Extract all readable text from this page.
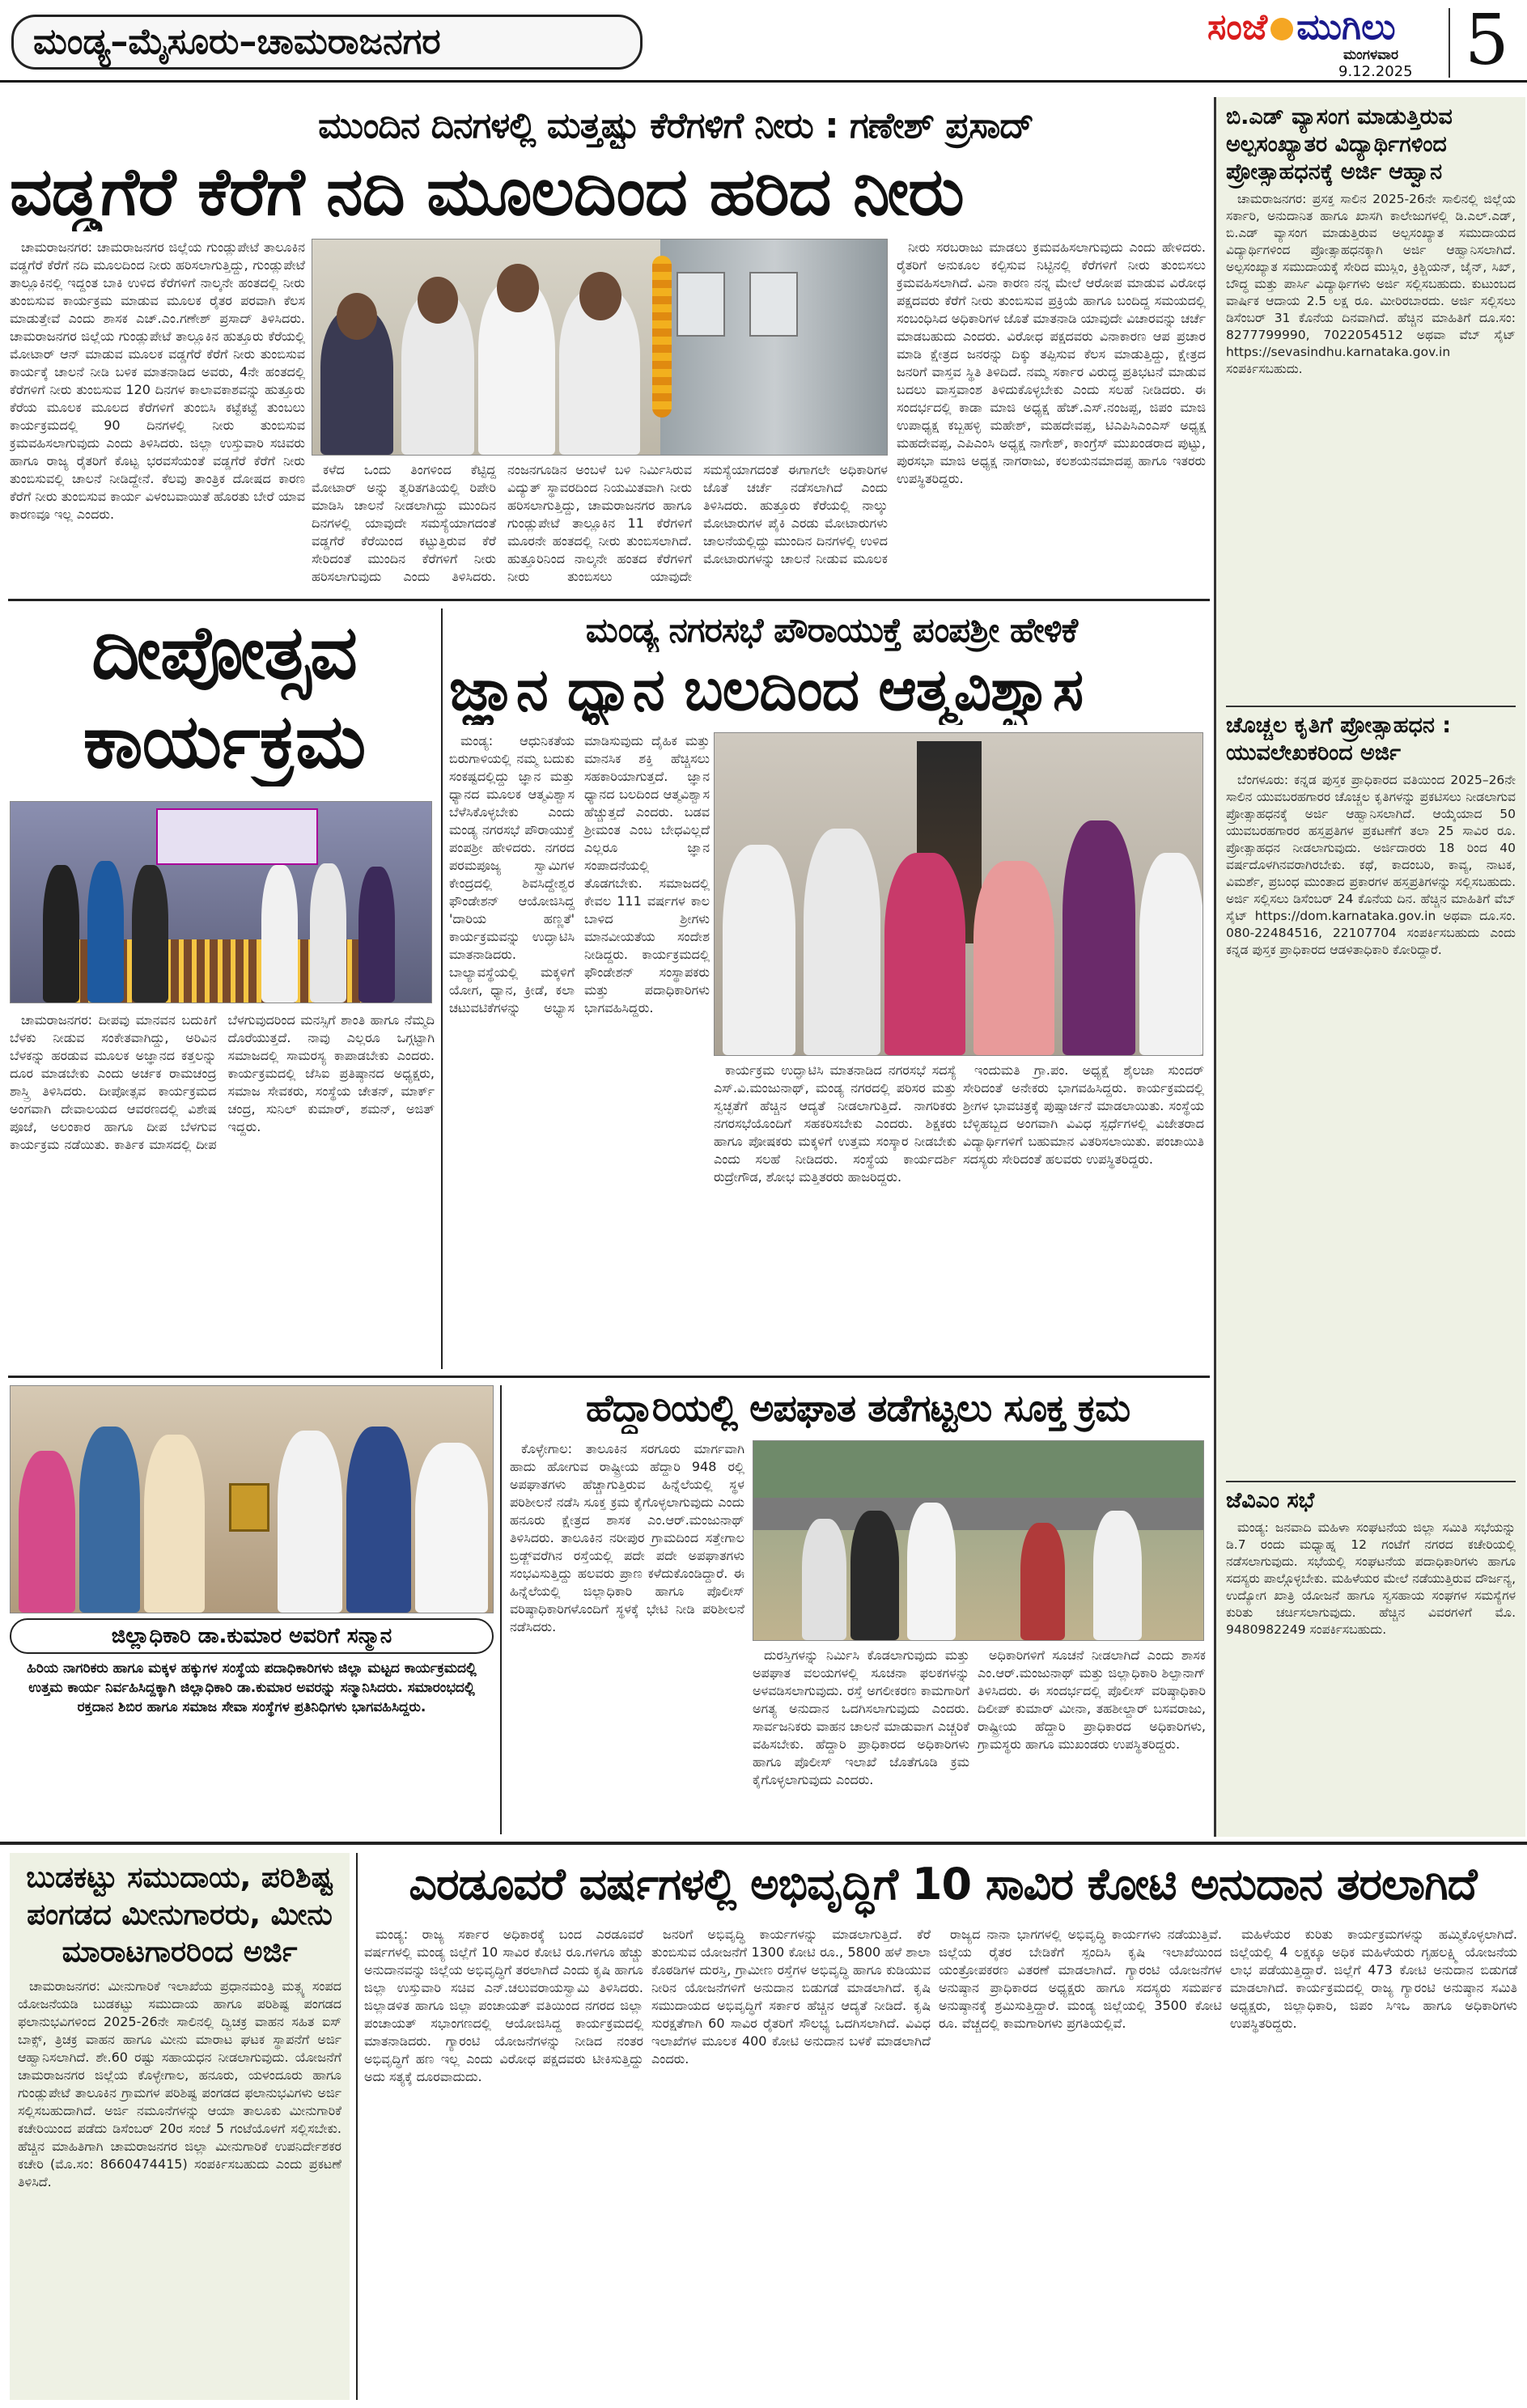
ಮಂಡ್ಯ–ಮೈಸೂರು–ಚಾಮರಾಜನಗರ	ಸಂಜೆ ಮುಗಿಲು
ಮಂಗಳವಾರ
9.12.2025 5
ಮುಂದಿನ ದಿನಗಳಲ್ಲಿ ಮತ್ತಷ್ಟು ಕೆರೆಗಳಿಗೆ ನೀರು : ಗಣೇಶ್ ಪ್ರಸಾದ್
ವಡ್ಡಗೆರೆ ಕೆರೆಗೆ ನದಿ ಮೂಲದಿಂದ ಹರಿದ ನೀರು

ಚಾಮರಾಜನಗರ: ಚಾಮರಾಜನಗರ ಜಿಲ್ಲೆಯ ಗುಂಡ್ಲುಪೇಟೆ ತಾಲೂಕಿನ ವಡ್ಡಗೆರೆ ಕೆರೆಗೆ ನದಿ ಮೂಲದಿಂದ ನೀರು ಹರಿಸಲಾಗುತ್ತಿದ್ದು, ಗುಂಡ್ಲುಪೇಟೆ ತಾಲ್ಲೂಕಿನಲ್ಲಿ ಇದ್ದಂತ ಬಾಕಿ ಉಳಿದ ಕೆರೆಗಳಿಗೆ ನಾಲ್ಕನೇ ಹಂತದಲ್ಲಿ ನೀರು ತುಂಬಿಸುವ ಕಾರ್ಯಕ್ರಮ ಮಾಡುವ ಮೂಲಕ ರೈತರ ಪರವಾಗಿ ಕೆಲಸ ಮಾಡುತ್ತೇವೆ ಎಂದು ಶಾಸಕ ಎಚ್.ಎಂ.ಗಣೇಶ್ ಪ್ರಸಾದ್ ತಿಳಿಸಿದರು. ಚಾಮರಾಜನಗರ ಜಿಲ್ಲೆಯ ಗುಂಡ್ಲುಪೇಟೆ ತಾಲ್ಲೂಕಿನ ಹುತ್ತೂರು ಕೆರೆಯಲ್ಲಿ ಮೋಟಾರ್ ಆನ್ ಮಾಡುವ ಮೂಲಕ ವಡ್ಡಗೆರೆ ಕೆರೆಗೆ ನೀರು ತುಂಬಿಸುವ ಕಾರ್ಯಕ್ಕೆ ಚಾಲನೆ ನೀಡಿ ಬಳಿಕ ಮಾತನಾಡಿದ ಅವರು, 4ನೇ ಹಂತದಲ್ಲಿ ಕೆರೆಗಳಿಗೆ ನೀರು ತುಂಬಿಸುವ 120 ದಿನಗಳ ಕಾಲಾವಕಾಶವನ್ನು ಹುತ್ತೂರು ಕೆರೆಯ ಮೂಲಕ ಮೂಲದ ಕೆರೆಗಳಿಗೆ ತುಂಬಿಸಿ ಕಟ್ಟೆಕಟ್ಟೆ ತುಂಬಲು ಕಾರ್ಯಕ್ರಮದಲ್ಲಿ 90 ದಿನಗಳಲ್ಲಿ ನೀರು ತುಂಬಿಸುವ ಕ್ರಮವಹಿಸಲಾಗುವುದು ಎಂದು ತಿಳಿಸಿದರು. ಜಿಲ್ಲಾ ಉಸ್ತುವಾರಿ ಸಚಿವರು ಹಾಗೂ ರಾಜ್ಯ ರೈತರಿಗೆ ಕೊಟ್ಟ ಭರವಸೆಯಂತೆ ವಡ್ಡಗೆರೆ ಕೆರೆಗೆ ನೀರು ತುಂಬಿಸುವಲ್ಲಿ ಚಾಲನೆ ನೀಡಿದ್ದೇನೆ. ಕೆಲವು ತಾಂತ್ರಿಕ ದೋಷದ ಕಾರಣ ಕೆರೆಗೆ ನೀರು ತುಂಬಿಸುವ ಕಾರ್ಯ ವಿಳಂಬವಾಯಿತೆ ಹೊರತು ಬೇರೆ ಯಾವ ಕಾರಣವೂ ಇಲ್ಲ ಎಂದರು.

ಕಳೆದ ಒಂದು ತಿಂಗಳಿಂದ ಕೆಟ್ಟಿದ್ದ ಮೋಟಾರ್ ಅನ್ನು ತ್ವರಿತಗತಿಯಲ್ಲಿ ರಿಪೇರಿ ಮಾಡಿಸಿ ಚಾಲನೆ ನೀಡಲಾಗಿದ್ದು ಮುಂದಿನ ದಿನಗಳಲ್ಲಿ ಯಾವುದೇ ಸಮಸ್ಯೆಯಾಗದಂತೆ ವಡ್ಡಗೆರೆ ಕೆರೆಯಿಂದ ಕಟ್ಟುತ್ತಿರುವ ಕೆರೆ ಸೇರಿದಂತೆ ಮುಂದಿನ ಕೆರೆಗಳಿಗೆ ನೀರು ಹರಿಸಲಾಗುವುದು ಎಂದು ತಿಳಿಸಿದರು. ನಂಜನಗೂಡಿನ ಅಂಬಳೆ ಬಳಿ ನಿರ್ಮಿಸಿರುವ ವಿದ್ಯುತ್ ಸ್ಥಾವರದಿಂದ ನಿಯಮಿತವಾಗಿ ನೀರು ಹರಿಸಲಾಗುತ್ತಿದ್ದು, ಚಾಮರಾಜನಗರ ಹಾಗೂ ಗುಂಡ್ಲುಪೇಟೆ ತಾಲ್ಲೂಕಿನ 11 ಕೆರೆಗಳಿಗೆ ಮೂರನೇ ಹಂತದಲ್ಲಿ ನೀರು ತುಂಬಿಸಲಾಗಿದೆ. ಹುತ್ತೂರಿನಿಂದ ನಾಲ್ಕನೇ ಹಂತದ ಕೆರೆಗಳಿಗೆ ನೀರು ತುಂಬಿಸಲು ಯಾವುದೇ ಸಮಸ್ಯೆಯಾಗದಂತೆ ಈಗಾಗಲೇ ಅಧಿಕಾರಿಗಳ ಜೊತೆ ಚರ್ಚೆ ನಡೆಸಲಾಗಿದೆ ಎಂದು ತಿಳಿಸಿದರು. ಹುತ್ತೂರು ಕೆರೆಯಲ್ಲಿ ನಾಲ್ಕು ಮೋಟಾರುಗಳ ಪೈಕಿ ಎರಡು ಮೋಟಾರುಗಳು ಚಾಲನೆಯಲ್ಲಿದ್ದು ಮುಂದಿನ ದಿನಗಳಲ್ಲಿ ಉಳಿದ ಮೋಟಾರುಗಳನ್ನು ಚಾಲನೆ ನೀಡುವ ಮೂಲಕ

ನೀರು ಸರಬರಾಜು ಮಾಡಲು ಕ್ರಮವಹಿಸಲಾಗುವುದು ಎಂದು ಹೇಳಿದರು. ರೈತರಿಗೆ ಅನುಕೂಲ ಕಲ್ಪಿಸುವ ನಿಟ್ಟಿನಲ್ಲಿ ಕೆರೆಗಳಿಗೆ ನೀರು ತುಂಬಿಸಲು ಕ್ರಮವಹಿಸಲಾಗಿದೆ. ವಿನಾ ಕಾರಣ ನನ್ನ ಮೇಲೆ ಆರೋಪ ಮಾಡುವ ವಿರೋಧ ಪಕ್ಷದವರು ಕೆರೆಗೆ ನೀರು ತುಂಬಿಸುವ ಪ್ರಕ್ರಿಯೆ ಹಾಗೂ ಬಂದಿದ್ದ ಸಮಯದಲ್ಲಿ ಸಂಬಂಧಿಸಿದ ಅಧಿಕಾರಿಗಳ ಜೊತೆ ಮಾತನಾಡಿ ಯಾವುದೇ ವಿಚಾರವನ್ನು ಚರ್ಚೆ ಮಾಡಬಹುದು ಎಂದರು. ವಿರೋಧ ಪಕ್ಷದವರು ವಿನಾಕಾರಣ ಆಪ ಪ್ರಚಾರ ಮಾಡಿ ಕ್ಷೇತ್ರದ ಜನರನ್ನು ದಿಕ್ಕು ತಪ್ಪಿಸುವ ಕೆಲಸ ಮಾಡುತ್ತಿದ್ದು, ಕ್ಷೇತ್ರದ ಜನರಿಗೆ ವಾಸ್ತವ ಸ್ಥಿತಿ ತಿಳಿದಿದೆ. ನಮ್ಮ ಸರ್ಕಾರ ವಿರುದ್ಧ ಪ್ರತಿಭಟನೆ ಮಾಡುವ ಬದಲು ವಾಸ್ತವಾಂಶ ತಿಳಿದುಕೊಳ್ಳಬೇಕು ಎಂದು ಸಲಹೆ ನೀಡಿದರು. ಈ ಸಂದರ್ಭದಲ್ಲಿ ಕಾಡಾ ಮಾಜಿ ಅಧ್ಯಕ್ಷ ಹೆಚ್.ಎಸ್.ನಂಜಪ್ಪ, ಜಿಪಂ ಮಾಜಿ ಉಪಾಧ್ಯಕ್ಷ ಕಬ್ಬಹಳ್ಳಿ ಮಹೇಶ್, ಮಹದೇವಪ್ಪ, ಟಿಎಪಿಸಿಎಂಎಸ್ ಅಧ್ಯಕ್ಷ ಮಹದೇವಪ್ಪ, ಎಪಿಎಂಸಿ ಅಧ್ಯಕ್ಷ ನಾಗೇಶ್, ಕಾಂಗ್ರೆಸ್ ಮುಖಂಡರಾದ ಪುಟ್ಟು, ಪುರಸಭಾ ಮಾಜಿ ಅಧ್ಯಕ್ಷ ನಾಗರಾಜು, ಕಲಶಯನಮಾದಪ್ಪ ಹಾಗೂ ಇತರರು ಉಪಸ್ಥಿತರಿದ್ದರು.

ದೀಪೋತ್ಸವ ಕಾರ್ಯಕ್ರಮ

ಚಾಮರಾಜನಗರ: ದೀಪವು ಮಾನವನ ಬದುಕಿಗೆ ಬೆಳಕು ನೀಡುವ ಸಂಕೇತವಾಗಿದ್ದು, ಅರಿವಿನ ಬೆಳಕನ್ನು ಹರಡುವ ಮೂಲಕ ಅಜ್ಞಾನದ ಕತ್ತಲನ್ನು ದೂರ ಮಾಡಬೇಕು ಎಂದು ಅರ್ಚಕ ರಾಮಚಂದ್ರ ಶಾಸ್ತ್ರಿ ತಿಳಿಸಿದರು. ದೀಪೋತ್ಸವ ಕಾರ್ಯಕ್ರಮದ ಅಂಗವಾಗಿ ದೇವಾಲಯದ ಆವರಣದಲ್ಲಿ ವಿಶೇಷ ಪೂಜೆ, ಅಲಂಕಾರ ಹಾಗೂ ದೀಪ ಬೆಳಗುವ ಕಾರ್ಯಕ್ರಮ ನಡೆಯಿತು. ಕಾರ್ತಿಕ ಮಾಸದಲ್ಲಿ ದೀಪ ಬೆಳಗುವುದರಿಂದ ಮನಸ್ಸಿಗೆ ಶಾಂತಿ ಹಾಗೂ ನೆಮ್ಮದಿ ದೊರೆಯುತ್ತದೆ. ನಾವು ಎಲ್ಲರೂ ಒಗ್ಗಟ್ಟಾಗಿ ಸಮಾಜದಲ್ಲಿ ಸಾಮರಸ್ಯ ಕಾಪಾಡಬೇಕು ಎಂದರು. ಕಾರ್ಯಕ್ರಮದಲ್ಲಿ ಜೆಸಿಐ ಪ್ರತಿಷ್ಠಾನದ ಅಧ್ಯಕ್ಷರು, ಸಮಾಜ ಸೇವಕರು, ಸಂಸ್ಥೆಯ ಚೇತನ್, ಮಾರ್ಕ್ ಚಂದ್ರ, ಸುನಿಲ್ ಕುಮಾರ್, ಶಮನ್, ಅಜಿತ್ ಇದ್ದರು.

ಮಂಡ್ಯ ನಗರಸಭೆ ಪೌರಾಯುಕ್ತೆ ಪಂಪಶ್ರೀ ಹೇಳಿಕೆ
ಜ್ಞಾನ ಧ್ಯಾನ ಬಲದಿಂದ ಆತ್ಮವಿಶ್ವಾಸ

ಮಂಡ್ಯ: ಆಧುನಿಕತೆಯ ಬಿರುಗಾಳಿಯಲ್ಲಿ ನಮ್ಮ ಬದುಕು ಸಂಕಷ್ಟದಲ್ಲಿದ್ದು ಜ್ಞಾನ ಮತ್ತು ಧ್ಯಾನದ ಮೂಲಕ ಆತ್ಮವಿಶ್ವಾಸ ಬೆಳೆಸಿಕೊಳ್ಳಬೇಕು ಎಂದು ಮಂಡ್ಯ ನಗರಸಭೆ ಪೌರಾಯುಕ್ತೆ ಪಂಪಶ್ರೀ ಹೇಳಿದರು. ನಗರದ ಪರಮಪೂಜ್ಯ ಸ್ವಾಮಿಗಳ ಕೇಂದ್ರದಲ್ಲಿ ಶಿವಸಿದ್ದೇಶ್ವರ ಫೌಂಡೇಶನ್ ಆಯೋಜಿಸಿದ್ದ 'ದಾರಿಯ ಹಣ್ಣತೆ' ಕಾರ್ಯಕ್ರಮವನ್ನು ಉದ್ಘಾಟಿಸಿ ಮಾತನಾಡಿದರು. ಬಾಲ್ಯಾವಸ್ಥೆಯಲ್ಲಿ ಮಕ್ಕಳಿಗೆ ಯೋಗ, ಧ್ಯಾನ, ಕ್ರೀಡೆ, ಕಲಾ ಚಟುವಟಿಕೆಗಳನ್ನು ಅಭ್ಯಾಸ ಮಾಡಿಸುವುದು ದೈಹಿಕ ಮತ್ತು ಮಾನಸಿಕ ಶಕ್ತಿ ಹೆಚ್ಚಿಸಲು ಸಹಕಾರಿಯಾಗುತ್ತದೆ. ಜ್ಞಾನ ಧ್ಯಾನದ ಬಲದಿಂದ ಆತ್ಮವಿಶ್ವಾಸ ಹೆಚ್ಚುತ್ತದೆ ಎಂದರು. ಬಡವ ಶ್ರೀಮಂತ ಎಂಬ ಬೇಧವಿಲ್ಲದೆ ಎಲ್ಲರೂ ಜ್ಞಾನ ಸಂಪಾದನೆಯಲ್ಲಿ ತೊಡಗಬೇಕು. ಸಮಾಜದಲ್ಲಿ ಕೇವಲ 111 ವರ್ಷಗಳ ಕಾಲ ಬಾಳಿದ ಶ್ರೀಗಳು ಮಾನವೀಯತೆಯ ಸಂದೇಶ ನೀಡಿದ್ದರು. ಕಾರ್ಯಕ್ರಮದಲ್ಲಿ ಫೌಂಡೇಶನ್ ಸಂಸ್ಥಾಪಕರು ಮತ್ತು ಪದಾಧಿಕಾರಿಗಳು ಭಾಗವಹಿಸಿದ್ದರು.

ಕಾರ್ಯಕ್ರಮ ಉದ್ಘಾಟಿಸಿ ಮಾತನಾಡಿದ ನಗರಸಭೆ ಸದಸ್ಯೆ ಎಸ್.ವಿ.ಮಂಜುನಾಥ್, ಮಂಡ್ಯ ನಗರದಲ್ಲಿ ಪರಿಸರ ಮತ್ತು ಸ್ವಚ್ಛತೆಗೆ ಹೆಚ್ಚಿನ ಆದ್ಯತೆ ನೀಡಲಾಗುತ್ತಿದೆ. ನಾಗರಿಕರು ನಗರಸಭೆಯೊಂದಿಗೆ ಸಹಕರಿಸಬೇಕು ಎಂದರು. ಶಿಕ್ಷಕರು ಹಾಗೂ ಪೋಷಕರು ಮಕ್ಕಳಿಗೆ ಉತ್ತಮ ಸಂಸ್ಕಾರ ನೀಡಬೇಕು ಎಂದು ಸಲಹೆ ನೀಡಿದರು. ಸಂಸ್ಥೆಯ ಕಾರ್ಯದರ್ಶಿ ರುದ್ರೇಗೌಡ, ಶೋಭ ಮತ್ತಿತರರು ಹಾಜರಿದ್ದರು.

ಇಂದುಮತಿ ಗ್ರಾ.ಪಂ. ಅಧ್ಯಕ್ಷೆ ಶೈಲಜಾ ಸುಂದರ್ ಸೇರಿದಂತೆ ಅನೇಕರು ಭಾಗವಹಿಸಿದ್ದರು. ಕಾರ್ಯಕ್ರಮದಲ್ಲಿ ಶ್ರೀಗಳ ಭಾವಚಿತ್ರಕ್ಕೆ ಪುಷ್ಪಾರ್ಚನೆ ಮಾಡಲಾಯಿತು. ಸಂಸ್ಥೆಯ ಬೆಳ್ಳಿಹಬ್ಬದ ಅಂಗವಾಗಿ ವಿವಿಧ ಸ್ಪರ್ಧೆಗಳಲ್ಲಿ ವಿಜೇತರಾದ ವಿದ್ಯಾರ್ಥಿಗಳಿಗೆ ಬಹುಮಾನ ವಿತರಿಸಲಾಯಿತು. ಪಂಚಾಯಿತಿ ಸದಸ್ಯರು ಸೇರಿದಂತೆ ಹಲವರು ಉಪಸ್ಥಿತರಿದ್ದರು.

ಜಿಲ್ಲಾಧಿಕಾರಿ ಡಾ.ಕುಮಾರ ಅವರಿಗೆ ಸನ್ಮಾನ
ಹಿರಿಯ ನಾಗರಿಕರು ಹಾಗೂ ಮಕ್ಕಳ ಹಕ್ಕುಗಳ ಸಂಸ್ಥೆಯ ಪದಾಧಿಕಾರಿಗಳು ಜಿಲ್ಲಾ ಮಟ್ಟದ ಕಾರ್ಯಕ್ರಮದಲ್ಲಿ ಉತ್ತಮ ಕಾರ್ಯ ನಿರ್ವಹಿಸಿದ್ದಕ್ಕಾಗಿ ಜಿಲ್ಲಾಧಿಕಾರಿ ಡಾ.ಕುಮಾರ ಅವರನ್ನು ಸನ್ಮಾನಿಸಿದರು. ಸಮಾರಂಭದಲ್ಲಿ ರಕ್ತದಾನ ಶಿಬಿರ ಹಾಗೂ ಸಮಾಜ ಸೇವಾ ಸಂಸ್ಥೆಗಳ ಪ್ರತಿನಿಧಿಗಳು ಭಾಗವಹಿಸಿದ್ದರು.
ಹೆದ್ದಾರಿಯಲ್ಲಿ ಅಪಘಾತ ತಡೆಗಟ್ಟಲು ಸೂಕ್ತ ಕ್ರಮ

ಕೊಳ್ಳೇಗಾಲ: ತಾಲೂಕಿನ ಸರಗೂರು ಮಾರ್ಗವಾಗಿ ಹಾದು ಹೋಗುವ ರಾಷ್ಟ್ರೀಯ ಹೆದ್ದಾರಿ 948 ರಲ್ಲಿ ಅಪಘಾತಗಳು ಹೆಚ್ಚಾಗುತ್ತಿರುವ ಹಿನ್ನೆಲೆಯಲ್ಲಿ ಸ್ಥಳ ಪರಿಶೀಲನೆ ನಡೆಸಿ ಸೂಕ್ತ ಕ್ರಮ ಕೈಗೊಳ್ಳಲಾಗುವುದು ಎಂದು ಹನೂರು ಕ್ಷೇತ್ರದ ಶಾಸಕ ಎಂ.ಆರ್.ಮಂಜುನಾಥ್ ತಿಳಿಸಿದರು. ತಾಲೂಕಿನ ನರೀಪುರ ಗ್ರಾಮದಿಂದ ಸತ್ತೇಗಾಲ ಬ್ರಿಡ್ಜ್‌ವರೆಗಿನ ರಸ್ತೆಯಲ್ಲಿ ಪದೇ ಪದೇ ಅಪಘಾತಗಳು ಸಂಭವಿಸುತ್ತಿದ್ದು ಹಲವರು ಪ್ರಾಣ ಕಳೆದುಕೊಂಡಿದ್ದಾರೆ. ಈ ಹಿನ್ನೆಲೆಯಲ್ಲಿ ಜಿಲ್ಲಾಧಿಕಾರಿ ಹಾಗೂ ಪೊಲೀಸ್ ವರಿಷ್ಠಾಧಿಕಾರಿಗಳೊಂದಿಗೆ ಸ್ಥಳಕ್ಕೆ ಭೇಟಿ ನೀಡಿ ಪರಿಶೀಲನೆ ನಡೆಸಿದರು.

ದುರಸ್ತಿಗಳನ್ನು ನಿರ್ಮಿಸಿ ಕೊಡಲಾಗುವುದು ಮತ್ತು ಅಪಘಾತ ವಲಯಗಳಲ್ಲಿ ಸೂಚನಾ ಫಲಕಗಳನ್ನು ಅಳವಡಿಸಲಾಗುವುದು. ರಸ್ತೆ ಅಗಲೀಕರಣ ಕಾಮಗಾರಿಗೆ ಅಗತ್ಯ ಅನುದಾನ ಒದಗಿಸಲಾಗುವುದು ಎಂದರು. ಸಾರ್ವಜನಿಕರು ವಾಹನ ಚಾಲನೆ ಮಾಡುವಾಗ ಎಚ್ಚರಿಕೆ ವಹಿಸಬೇಕು. ಹೆದ್ದಾರಿ ಪ್ರಾಧಿಕಾರದ ಅಧಿಕಾರಿಗಳು ಹಾಗೂ ಪೊಲೀಸ್ ಇಲಾಖೆ ಜೊತೆಗೂಡಿ ಕ್ರಮ ಕೈಗೊಳ್ಳಲಾಗುವುದು ಎಂದರು.

ಅಧಿಕಾರಿಗಳಿಗೆ ಸೂಚನೆ ನೀಡಲಾಗಿದೆ ಎಂದು ಶಾಸಕ ಎಂ.ಆರ್.ಮಂಜುನಾಥ್ ಮತ್ತು ಜಿಲ್ಲಾಧಿಕಾರಿ ಶಿಲ್ಪಾನಾಗ್ ತಿಳಿಸಿದರು. ಈ ಸಂದರ್ಭದಲ್ಲಿ ಪೊಲೀಸ್ ವರಿಷ್ಠಾಧಿಕಾರಿ ದಿಲೀಪ್ ಕುಮಾರ್ ಮೀನಾ, ತಹಶೀಲ್ದಾರ್ ಬಸವರಾಜು, ರಾಷ್ಟ್ರೀಯ ಹೆದ್ದಾರಿ ಪ್ರಾಧಿಕಾರದ ಅಧಿಕಾರಿಗಳು, ಗ್ರಾಮಸ್ಥರು ಹಾಗೂ ಮುಖಂಡರು ಉಪಸ್ಥಿತರಿದ್ದರು.

ಬಿ.ಎಡ್ ವ್ಯಾಸಂಗ ಮಾಡುತ್ತಿರುವ ಅಲ್ಪಸಂಖ್ಯಾತರ ವಿದ್ಯಾರ್ಥಿಗಳಿಂದ ಪ್ರೋತ್ಸಾಹಧನಕ್ಕೆ ಅರ್ಜಿ ಆಹ್ವಾನ

ಚಾಮರಾಜನಗರ: ಪ್ರಸಕ್ತ ಸಾಲಿನ 2025-26ನೇ ಸಾಲಿನಲ್ಲಿ ಜಿಲ್ಲೆಯ ಸರ್ಕಾರಿ, ಅನುದಾನಿತ ಹಾಗೂ ಖಾಸಗಿ ಕಾಲೇಜುಗಳಲ್ಲಿ ಡಿ.ಎಲ್.ಎಡ್, ಬಿ.ಎಡ್ ವ್ಯಾಸಂಗ ಮಾಡುತ್ತಿರುವ ಅಲ್ಪಸಂಖ್ಯಾತ ಸಮುದಾಯದ ವಿದ್ಯಾರ್ಥಿಗಳಿಂದ ಪ್ರೋತ್ಸಾಹಧನಕ್ಕಾಗಿ ಅರ್ಜಿ ಆಹ್ವಾನಿಸಲಾಗಿದೆ. ಅಲ್ಪಸಂಖ್ಯಾತ ಸಮುದಾಯಕ್ಕೆ ಸೇರಿದ ಮುಸ್ಲಿಂ, ಕ್ರಿಶ್ಚಿಯನ್, ಜೈನ್, ಸಿಖ್, ಬೌದ್ಧ ಮತ್ತು ಪಾರ್ಸಿ ವಿದ್ಯಾರ್ಥಿಗಳು ಅರ್ಜಿ ಸಲ್ಲಿಸಬಹುದು. ಕುಟುಂಬದ ವಾರ್ಷಿಕ ಆದಾಯ 2.5 ಲಕ್ಷ ರೂ. ಮೀರಿರಬಾರದು. ಅರ್ಜಿ ಸಲ್ಲಿಸಲು ಡಿಸೆಂಬರ್ 31 ಕೊನೆಯ ದಿನವಾಗಿದೆ. ಹೆಚ್ಚಿನ ಮಾಹಿತಿಗೆ ದೂ.ಸಂ: 8277799990, 7022054512 ಅಥವಾ ವೆಬ್ ಸೈಟ್ https://sevasindhu.karnataka.gov.in ಸಂಪರ್ಕಿಸಬಹುದು.

ಚೊಚ್ಚಲ ಕೃತಿಗೆ ಪ್ರೋತ್ಸಾಹಧನ : ಯುವಲೇಖಕರಿಂದ ಅರ್ಜಿ

ಬೆಂಗಳೂರು: ಕನ್ನಡ ಪುಸ್ತಕ ಪ್ರಾಧಿಕಾರದ ವತಿಯಿಂದ 2025–26ನೇ ಸಾಲಿನ ಯುವಬರಹಗಾರರ ಚೊಚ್ಚಲ ಕೃತಿಗಳನ್ನು ಪ್ರಕಟಿಸಲು ನೀಡಲಾಗುವ ಪ್ರೋತ್ಸಾಹಧನಕ್ಕೆ ಅರ್ಜಿ ಆಹ್ವಾನಿಸಲಾಗಿದೆ. ಆಯ್ಕೆಯಾದ 50 ಯುವಬರಹಗಾರರ ಹಸ್ತಪ್ರತಿಗಳ ಪ್ರಕಟಣೆಗೆ ತಲಾ 25 ಸಾವಿರ ರೂ. ಪ್ರೋತ್ಸಾಹಧನ ನೀಡಲಾಗುವುದು. ಅರ್ಜಿದಾರರು 18 ರಿಂದ 40 ವರ್ಷದೊಳಗಿನವರಾಗಿರಬೇಕು. ಕಥೆ, ಕಾದಂಬರಿ, ಕಾವ್ಯ, ನಾಟಕ, ವಿಮರ್ಶೆ, ಪ್ರಬಂಧ ಮುಂತಾದ ಪ್ರಕಾರಗಳ ಹಸ್ತಪ್ರತಿಗಳನ್ನು ಸಲ್ಲಿಸಬಹುದು. ಅರ್ಜಿ ಸಲ್ಲಿಸಲು ಡಿಸೆಂಬರ್ 24 ಕೊನೆಯ ದಿನ. ಹೆಚ್ಚಿನ ಮಾಹಿತಿಗೆ ವೆಬ್ ಸೈಟ್ https://dom.karnataka.gov.in ಅಥವಾ ದೂ.ಸಂ. 080-22484516, 22107704 ಸಂಪರ್ಕಿಸಬಹುದು ಎಂದು ಕನ್ನಡ ಪುಸ್ತಕ ಪ್ರಾಧಿಕಾರದ ಆಡಳಿತಾಧಿಕಾರಿ ಕೋರಿದ್ದಾರೆ.

ಜೆವಿಎಂ ಸಭೆ

ಮಂಡ್ಯ: ಜನವಾದಿ ಮಹಿಳಾ ಸಂಘಟನೆಯ ಜಿಲ್ಲಾ ಸಮಿತಿ ಸಭೆಯನ್ನು ಡಿ.7 ರಂದು ಮಧ್ಯಾಹ್ನ 12 ಗಂಟೆಗೆ ನಗರದ ಕಚೇರಿಯಲ್ಲಿ ನಡೆಸಲಾಗುವುದು. ಸಭೆಯಲ್ಲಿ ಸಂಘಟನೆಯ ಪದಾಧಿಕಾರಿಗಳು ಹಾಗೂ ಸದಸ್ಯರು ಪಾಲ್ಗೊಳ್ಳಬೇಕು. ಮಹಿಳೆಯರ ಮೇಲೆ ನಡೆಯುತ್ತಿರುವ ದೌರ್ಜನ್ಯ, ಉದ್ಯೋಗ ಖಾತ್ರಿ ಯೋಜನೆ ಹಾಗೂ ಸ್ವಸಹಾಯ ಸಂಘಗಳ ಸಮಸ್ಯೆಗಳ ಕುರಿತು ಚರ್ಚಿಸಲಾಗುವುದು. ಹೆಚ್ಚಿನ ವಿವರಗಳಿಗೆ ಮೊ. 9480982249 ಸಂಪರ್ಕಿಸಬಹುದು.

ಬುಡಕಟ್ಟು ಸಮುದಾಯ, ಪರಿಶಿಷ್ಟ ಪಂಗಡದ ಮೀನುಗಾರರು, ಮೀನು ಮಾರಾಟಗಾರರಿಂದ ಅರ್ಜಿ

ಚಾಮರಾಜನಗರ: ಮೀನುಗಾರಿಕೆ ಇಲಾಖೆಯ ಪ್ರಧಾನಮಂತ್ರಿ ಮತ್ಸ್ಯ ಸಂಪದ ಯೋಜನೆಯಡಿ ಬುಡಕಟ್ಟು ಸಮುದಾಯ ಹಾಗೂ ಪರಿಶಿಷ್ಟ ಪಂಗಡದ ಫಲಾನುಭವಿಗಳಿಂದ 2025-26ನೇ ಸಾಲಿನಲ್ಲಿ ದ್ವಿಚಕ್ರ ವಾಹನ ಸಹಿತ ಐಸ್ ಬಾಕ್ಸ್, ತ್ರಿಚಕ್ರ ವಾಹನ ಹಾಗೂ ಮೀನು ಮಾರಾಟ ಘಟಕ ಸ್ಥಾಪನೆಗೆ ಅರ್ಜಿ ಆಹ್ವಾನಿಸಲಾಗಿದೆ. ಶೇ.60 ರಷ್ಟು ಸಹಾಯಧನ ನೀಡಲಾಗುವುದು. ಯೋಜನೆಗೆ ಚಾಮರಾಜನಗರ ಜಿಲ್ಲೆಯ ಕೊಳ್ಳೇಗಾಲ, ಹನೂರು, ಯಳಂದೂರು ಹಾಗೂ ಗುಂಡ್ಲುಪೇಟೆ ತಾಲೂಕಿನ ಗ್ರಾಮಗಳ ಪರಿಶಿಷ್ಟ ಪಂಗಡದ ಫಲಾನುಭವಿಗಳು ಅರ್ಜಿ ಸಲ್ಲಿಸಬಹುದಾಗಿದೆ. ಅರ್ಜಿ ನಮೂನೆಗಳನ್ನು ಆಯಾ ತಾಲೂಕು ಮೀನುಗಾರಿಕೆ ಕಚೇರಿಯಿಂದ ಪಡೆದು ಡಿಸೆಂಬರ್ 20ರ ಸಂಜೆ 5 ಗಂಟೆಯೊಳಗೆ ಸಲ್ಲಿಸಬೇಕು. ಹೆಚ್ಚಿನ ಮಾಹಿತಿಗಾಗಿ ಚಾಮರಾಜನಗರ ಜಿಲ್ಲಾ ಮೀನುಗಾರಿಕೆ ಉಪನಿರ್ದೇಶಕರ ಕಚೇರಿ (ಮೊ.ಸಂ: 8660474415) ಸಂಪರ್ಕಿಸಬಹುದು ಎಂದು ಪ್ರಕಟಣೆ ತಿಳಿಸಿದೆ.

ಎರಡೂವರೆ ವರ್ಷಗಳಲ್ಲಿ ಅಭಿವೃದ್ಧಿಗೆ 10 ಸಾವಿರ ಕೋಟಿ ಅನುದಾನ ತರಲಾಗಿದೆ

ಮಂಡ್ಯ: ರಾಜ್ಯ ಸರ್ಕಾರ ಅಧಿಕಾರಕ್ಕೆ ಬಂದ ಎರಡೂವರೆ ವರ್ಷಗಳಲ್ಲಿ ಮಂಡ್ಯ ಜಿಲ್ಲೆಗೆ 10 ಸಾವಿರ ಕೋಟಿ ರೂ.ಗಳಿಗೂ ಹೆಚ್ಚು ಅನುದಾನವನ್ನು ಜಿಲ್ಲೆಯ ಅಭಿವೃದ್ಧಿಗೆ ತರಲಾಗಿದೆ ಎಂದು ಕೃಷಿ ಹಾಗೂ ಜಿಲ್ಲಾ ಉಸ್ತುವಾರಿ ಸಚಿವ ಎನ್.ಚಲುವರಾಯಸ್ವಾಮಿ ತಿಳಿಸಿದರು. ಜಿಲ್ಲಾಡಳಿತ ಹಾಗೂ ಜಿಲ್ಲಾ ಪಂಚಾಯತ್ ವತಿಯಿಂದ ನಗರದ ಜಿಲ್ಲಾ ಪಂಚಾಯತ್ ಸಭಾಂಗಣದಲ್ಲಿ ಆಯೋಜಿಸಿದ್ದ ಕಾರ್ಯಕ್ರಮದಲ್ಲಿ ಮಾತನಾಡಿದರು. ಗ್ಯಾರಂಟಿ ಯೋಜನೆಗಳನ್ನು ನೀಡಿದ ನಂತರ ಅಭಿವೃದ್ಧಿಗೆ ಹಣ ಇಲ್ಲ ಎಂದು ವಿರೋಧ ಪಕ್ಷದವರು ಟೀಕಿಸುತ್ತಿದ್ದು ಅದು ಸತ್ಯಕ್ಕೆ ದೂರವಾದುದು.

ಜನರಿಗೆ ಅಭಿವೃದ್ಧಿ ಕಾರ್ಯಗಳನ್ನು ಮಾಡಲಾಗುತ್ತಿದೆ. ಕೆರೆ ತುಂಬಿಸುವ ಯೋಜನೆಗೆ 1300 ಕೋಟಿ ರೂ., 5800 ಹಳೆ ಶಾಲಾ ಕೊಠಡಿಗಳ ದುರಸ್ತಿ, ಗ್ರಾಮೀಣ ರಸ್ತೆಗಳ ಅಭಿವೃದ್ಧಿ ಹಾಗೂ ಕುಡಿಯುವ ನೀರಿನ ಯೋಜನೆಗಳಿಗೆ ಅನುದಾನ ಬಿಡುಗಡೆ ಮಾಡಲಾಗಿದೆ. ಕೃಷಿ ಸಮುದಾಯದ ಅಭಿವೃದ್ಧಿಗೆ ಸರ್ಕಾರ ಹೆಚ್ಚಿನ ಆದ್ಯತೆ ನೀಡಿದೆ. ಕೃಷಿ ಸುರಕ್ಷತೆಗಾಗಿ 60 ಸಾವಿರ ರೈತರಿಗೆ ಸೌಲಭ್ಯ ಒದಗಿಸಲಾಗಿದೆ. ವಿವಿಧ ಇಲಾಖೆಗಳ ಮೂಲಕ 400 ಕೋಟಿ ಅನುದಾನ ಬಳಕೆ ಮಾಡಲಾಗಿದೆ ಎಂದರು.

ರಾಜ್ಯದ ನಾನಾ ಭಾಗಗಳಲ್ಲಿ ಅಭಿವೃದ್ಧಿ ಕಾರ್ಯಗಳು ನಡೆಯುತ್ತಿವೆ. ಜಿಲ್ಲೆಯ ರೈತರ ಬೇಡಿಕೆಗೆ ಸ್ಪಂದಿಸಿ ಕೃಷಿ ಇಲಾಖೆಯಿಂದ ಯಂತ್ರೋಪಕರಣ ವಿತರಣೆ ಮಾಡಲಾಗಿದೆ. ಗ್ಯಾರಂಟಿ ಯೋಜನೆಗಳ ಅನುಷ್ಠಾನ ಪ್ರಾಧಿಕಾರದ ಅಧ್ಯಕ್ಷರು ಹಾಗೂ ಸದಸ್ಯರು ಸಮರ್ಪಕ ಅನುಷ್ಠಾನಕ್ಕೆ ಶ್ರಮಿಸುತ್ತಿದ್ದಾರೆ. ಮಂಡ್ಯ ಜಿಲ್ಲೆಯಲ್ಲಿ 3500 ಕೋಟಿ ರೂ. ವೆಚ್ಚದಲ್ಲಿ ಕಾಮಗಾರಿಗಳು ಪ್ರಗತಿಯಲ್ಲಿವೆ.

ಮಹಿಳೆಯರ ಕುರಿತು ಕಾರ್ಯಕ್ರಮಗಳನ್ನು ಹಮ್ಮಿಕೊಳ್ಳಲಾಗಿದೆ. ಜಿಲ್ಲೆಯಲ್ಲಿ 4 ಲಕ್ಷಕ್ಕೂ ಅಧಿಕ ಮಹಿಳೆಯರು ಗೃಹಲಕ್ಷ್ಮಿ ಯೋಜನೆಯ ಲಾಭ ಪಡೆಯುತ್ತಿದ್ದಾರೆ. ಜಿಲ್ಲೆಗೆ 473 ಕೋಟಿ ಅನುದಾನ ಬಿಡುಗಡೆ ಮಾಡಲಾಗಿದೆ. ಕಾರ್ಯಕ್ರಮದಲ್ಲಿ ರಾಜ್ಯ ಗ್ಯಾರಂಟಿ ಅನುಷ್ಠಾನ ಸಮಿತಿ ಅಧ್ಯಕ್ಷರು, ಜಿಲ್ಲಾಧಿಕಾರಿ, ಜಿಪಂ ಸಿಇಒ ಹಾಗೂ ಅಧಿಕಾರಿಗಳು ಉಪಸ್ಥಿತರಿದ್ದರು.
